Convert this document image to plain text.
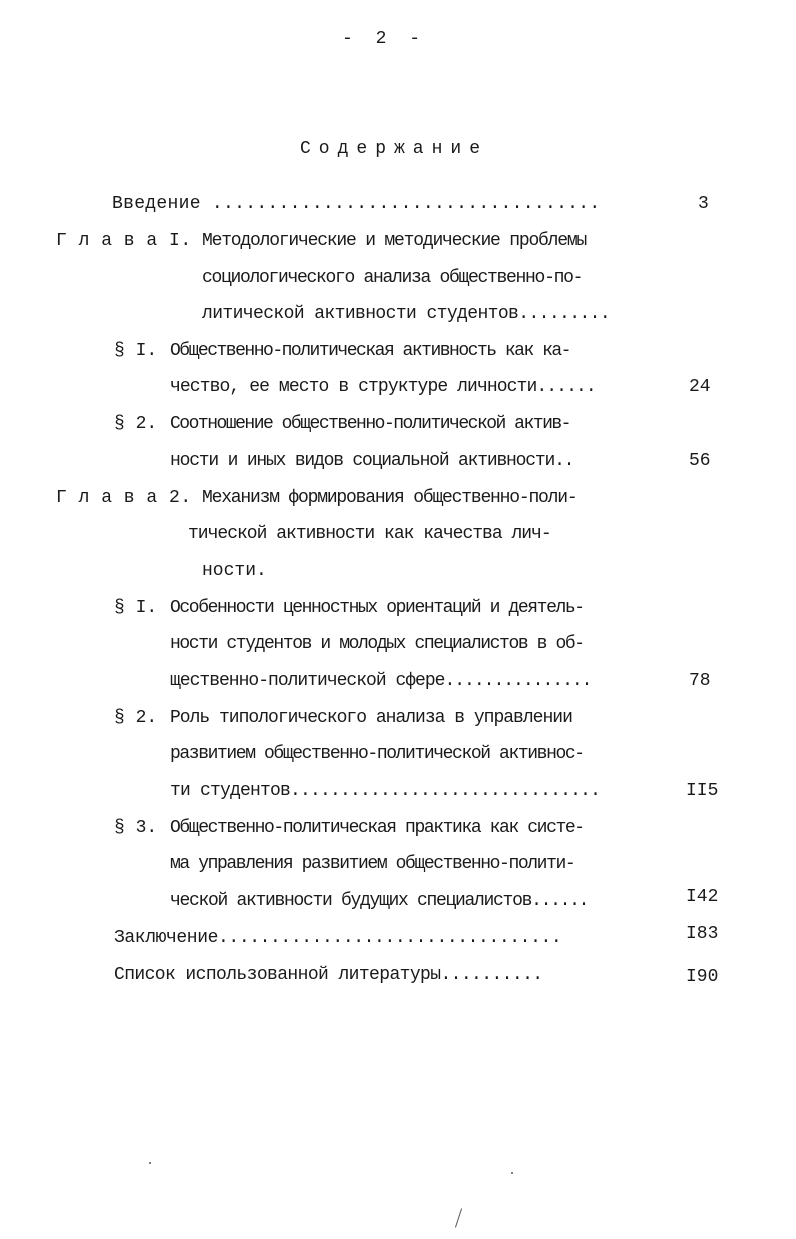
- 2 -
Содержание
Введение ...................................	3
Г л а в а I. Методологические и методические проблемы
социологического анализа общественно-по-
литической активности студентов.........
§ I. Общественно-политическая активность как ка-
чество, ее место в структуре личности......	24
§ 2. Соотношение общественно-политической актив-
ности и иных видов социальной активности..	56
Г л а в а 2. Механизм формирования общественно-поли-
тической активности как качества лич-
ности.
§ I. Особенности ценностных ориентаций и деятель-
ности студентов и молодых специалистов в об-
щественно-политической сфере...............	78
§ 2. Роль типологического анализа в управлении
развитием общественно-политической активнос-
ти студентов...............................	II5
§ 3. Общественно-политическая практика как систе-
ма управления развитием общественно-полити-
ческой активности будущих специалистов......	I42
Заключение.................................	I83
Список использованной литературы..........	I90
